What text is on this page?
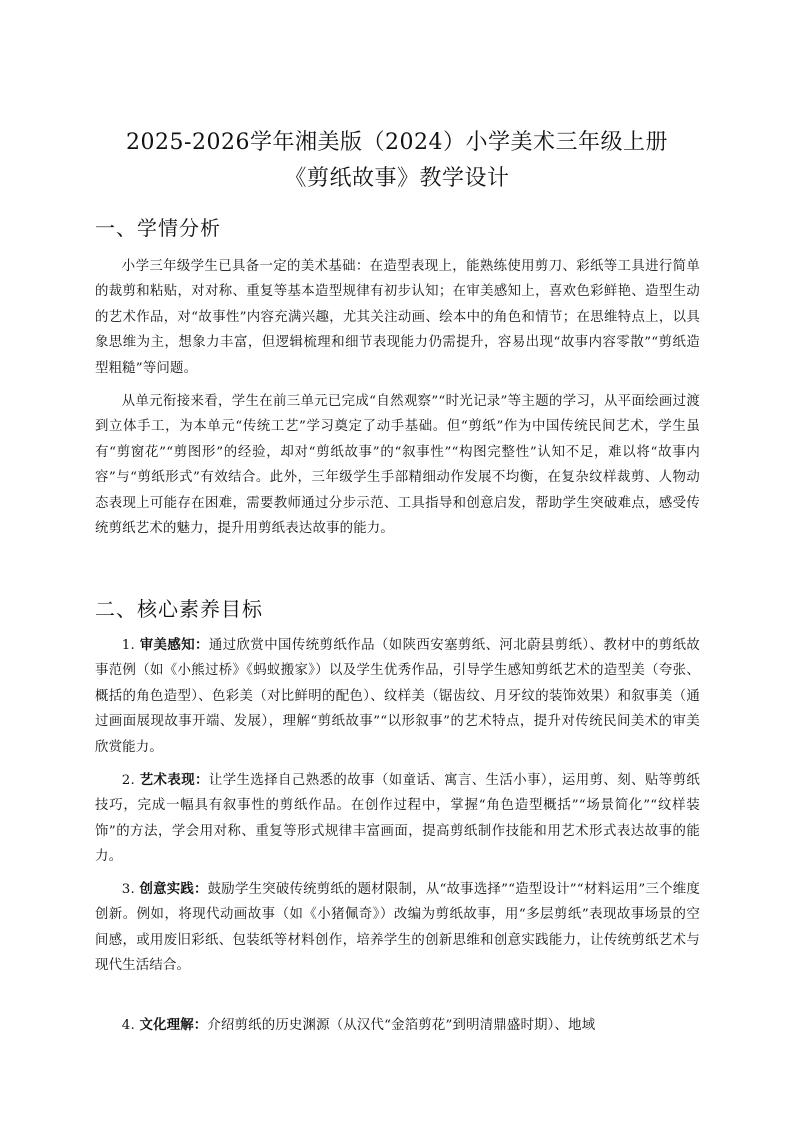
2025-2026学年湘美版（2024）小学美术三年级上册
《剪纸故事》教学设计
一、学情分析
小学三年级学生已具备一定的美术基础：在造型表现上，能熟练使用剪刀、彩纸等工具进行简单的裁剪和粘贴，对对称、重复等基本造型规律有初步认知；在审美感知上，喜欢色彩鲜艳、造型生动的艺术作品，对“故事性”内容充满兴趣，尤其关注动画、绘本中的角色和情节；在思维特点上，以具象思维为主，想象力丰富，但逻辑梳理和细节表现能力仍需提升，容易出现“故事内容零散”“剪纸造型粗糙”等问题。
从单元衔接来看，学生在前三单元已完成“自然观察”“时光记录”等主题的学习，从平面绘画过渡到立体手工，为本单元“传统工艺”学习奠定了动手基础。但“剪纸”作为中国传统民间艺术，学生虽有“剪窗花”“剪图形”的经验，却对“剪纸故事”的“叙事性”“构图完整性”认知不足，难以将“故事内容”与“剪纸形式”有效结合。此外，三年级学生手部精细动作发展不均衡，在复杂纹样裁剪、人物动态表现上可能存在困难，需要教师通过分步示范、工具指导和创意启发，帮助学生突破难点，感受传统剪纸艺术的魅力，提升用剪纸表达故事的能力。
二、核心素养目标
1. 审美感知：通过欣赏中国传统剪纸作品（如陕西安塞剪纸、河北蔚县剪纸）、教材中的剪纸故事范例（如《小熊过桥》《蚂蚁搬家》）以及学生优秀作品，引导学生感知剪纸艺术的造型美（夸张、概括的角色造型）、色彩美（对比鲜明的配色）、纹样美（锯齿纹、月牙纹的装饰效果）和叙事美（通过画面展现故事开端、发展），理解“剪纸故事”“以形叙事”的艺术特点，提升对传统民间美术的审美欣赏能力。
2. 艺术表现：让学生选择自己熟悉的故事（如童话、寓言、生活小事），运用剪、刻、贴等剪纸技巧，完成一幅具有叙事性的剪纸作品。在创作过程中，掌握“角色造型概括”“场景简化”“纹样装饰”的方法，学会用对称、重复等形式规律丰富画面，提高剪纸制作技能和用艺术形式表达故事的能力。
3. 创意实践：鼓励学生突破传统剪纸的题材限制，从“故事选择”“造型设计”“材料运用”三个维度创新。例如，将现代动画故事（如《小猪佩奇》）改编为剪纸故事，用“多层剪纸”表现故事场景的空间感，或用废旧彩纸、包装纸等材料创作，培养学生的创新思维和创意实践能力，让传统剪纸艺术与现代生活结合。
4. 文化理解：介绍剪纸的历史渊源（从汉代“金箔剪花”到明清鼎盛时期）、地域
